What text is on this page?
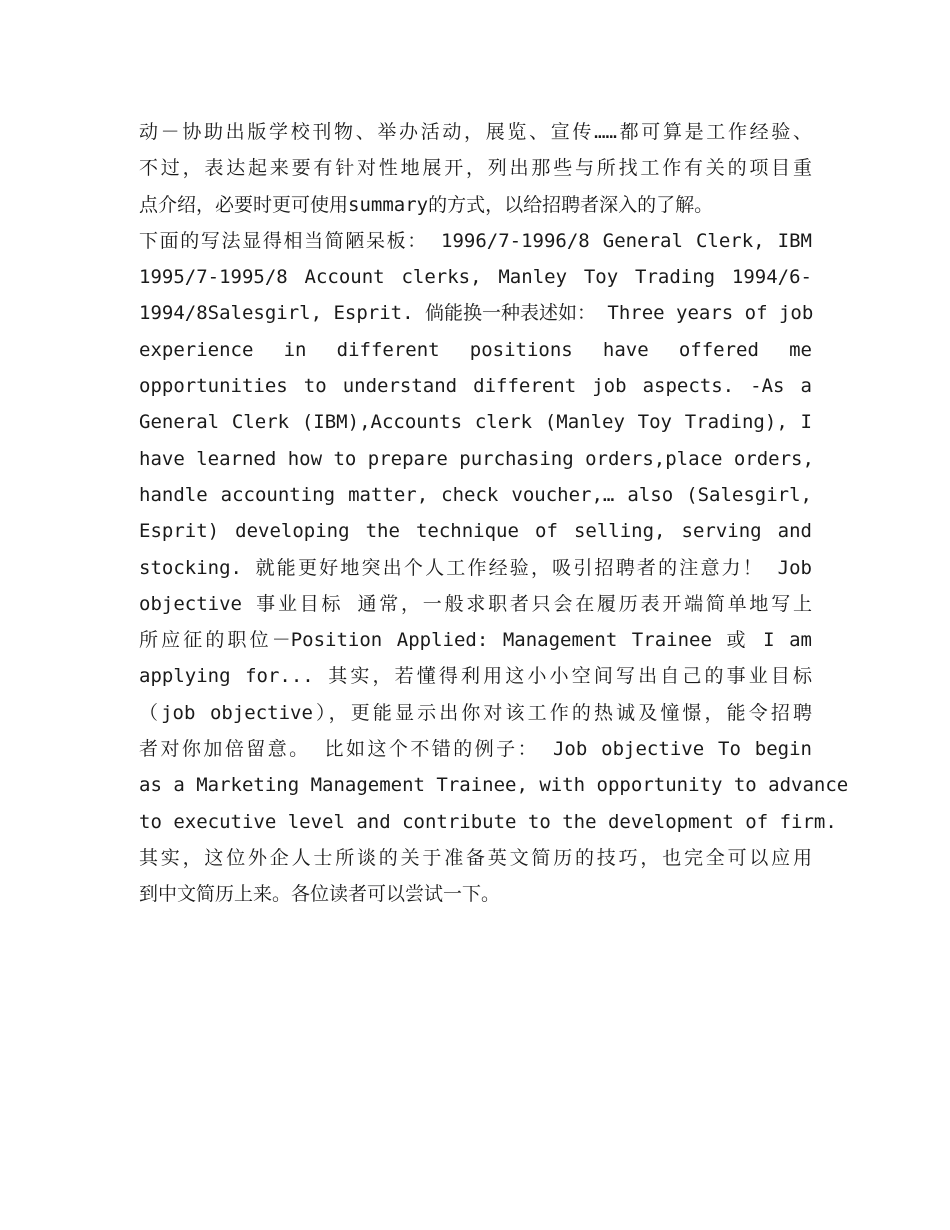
动－协助出版学校刊物、举办活动，展览、宣传……都可算是工作经验、
不过，表达起来要有针对性地展开，列出那些与所找工作有关的项目重
点介绍，必要时更可使用summary的方式，以给招聘者深入的了解。
下面的写法显得相当简陋呆板： 1996/7-1996/8 General Clerk, IBM
1995/7-1995/8 Account clerks, Manley Toy Trading 1994/6-
1994/8Salesgirl, Esprit. 倘能换一种表述如： Three years of job
experience in different positions have offered me
opportunities to understand different job aspects. -As a
General Clerk (IBM),Accounts clerk (Manley Toy Trading), I
have learned how to prepare purchasing orders,place orders,
handle accounting matter, check voucher,… also (Salesgirl,
Esprit) developing the technique of selling, serving and
stocking. 就能更好地突出个人工作经验，吸引招聘者的注意力！ Job
objective 事业目标 通常，一般求职者只会在履历表开端简单地写上
所应征的职位－Position Applied: Management Trainee 或 I am
applying for... 其实，若懂得利用这小小空间写出自己的事业目标
（job objective），更能显示出你对该工作的热诚及憧憬，能令招聘
者对你加倍留意。 比如这个不错的例子： Job objective To begin
as a Marketing Management Trainee, with opportunity to advance
to executive level and contribute to the development of firm.
其实，这位外企人士所谈的关于准备英文简历的技巧，也完全可以应用
到中文简历上来。各位读者可以尝试一下。
